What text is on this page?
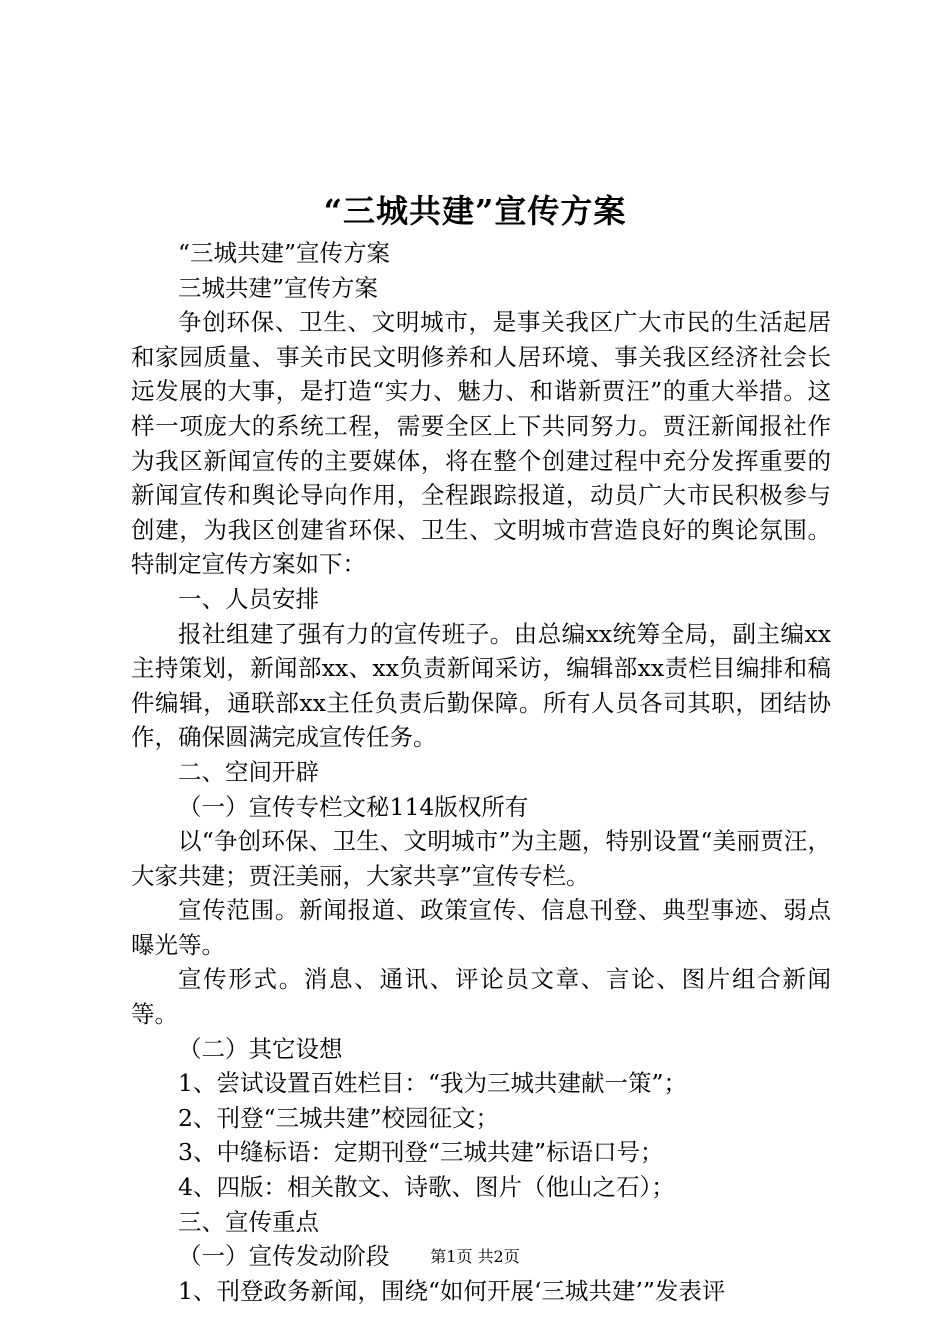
“三城共建”宣传方案

“三城共建”宣传方案

三城共建”宣传方案

争创环保、卫生、文明城市，是事关我区广大市民的生活起居和家园质量、事关市民文明修养和人居环境、事关我区经济社会长远发展的大事，是打造“实力、魅力、和谐新贾汪”的重大举措。这样一项庞大的系统工程，需要全区上下共同努力。贾汪新闻报社作为我区新闻宣传的主要媒体，将在整个创建过程中充分发挥重要的新闻宣传和舆论导向作用，全程跟踪报道，动员广大市民积极参与创建，为我区创建省环保、卫生、文明城市营造良好的舆论氛围。特制定宣传方案如下：

一、人员安排

报社组建了强有力的宣传班子。由总编xx统筹全局，副主编xx主持策划，新闻部xx、xx负责新闻采访，编辑部xx责栏目编排和稿件编辑，通联部xx主任负责后勤保障。所有人员各司其职，团结协作，确保圆满完成宣传任务。

二、空间开辟

（一）宣传专栏文秘114版权所有

以“争创环保、卫生、文明城市”为主题，特别设置“美丽贾汪，大家共建；贾汪美丽，大家共享”宣传专栏。

宣传范围。新闻报道、政策宣传、信息刊登、典型事迹、弱点曝光等。

宣传形式。消息、通讯、评论员文章、言论、图片组合新闻等。

（二）其它设想

1、尝试设置百姓栏目：“我为三城共建献一策”；

2、刊登“三城共建”校园征文；

3、中缝标语：定期刊登“三城共建”标语口号；

4、四版：相关散文、诗歌、图片（他山之石）；

三、宣传重点

（一）宣传发动阶段

1、刊登政务新闻，围绕“如何开展‘三城共建’”发表评

第1页 共2页
